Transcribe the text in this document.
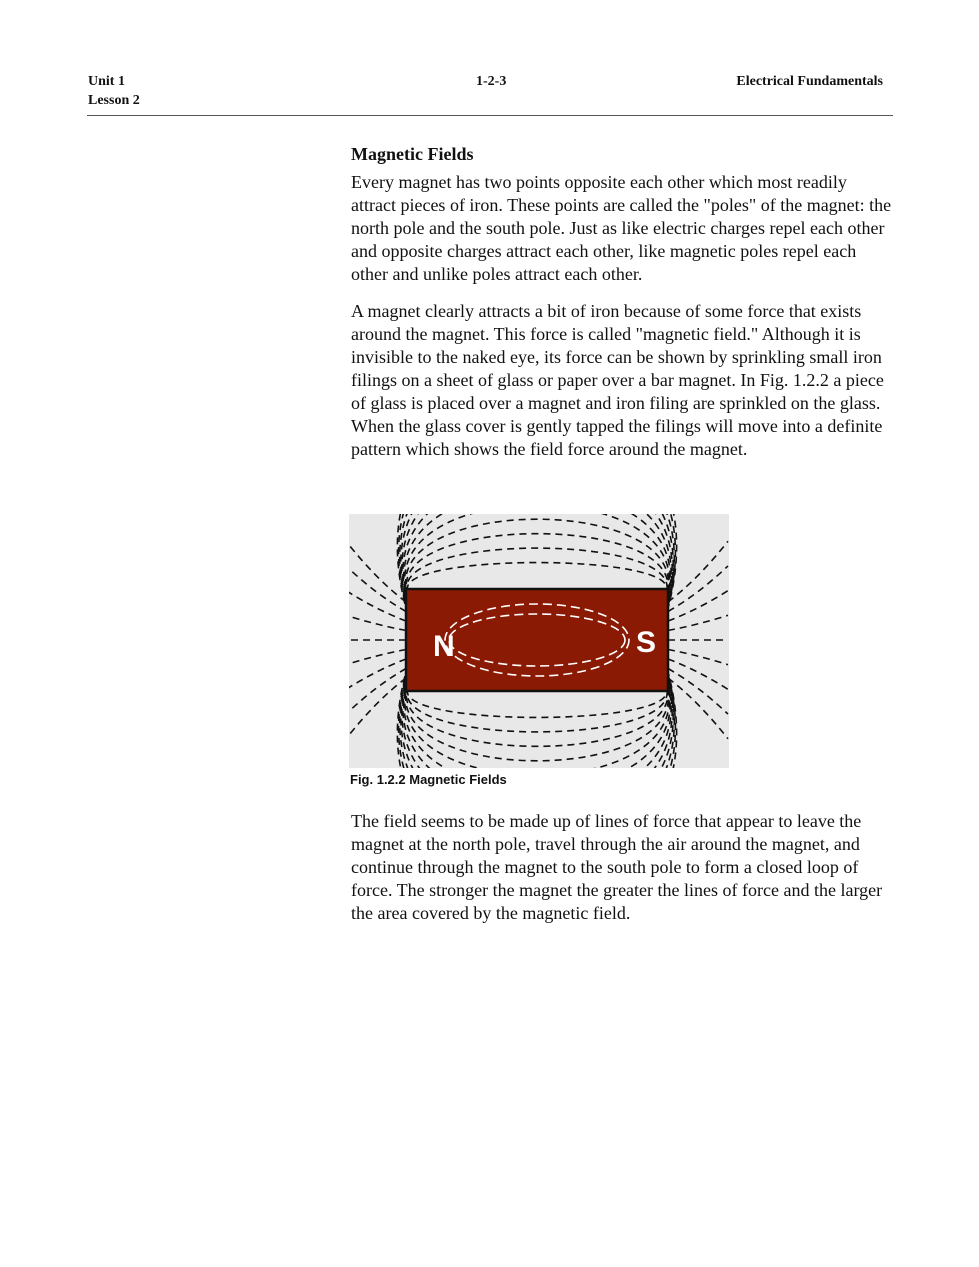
Unit 1
Lesson 2
1-2-3	Electrical Fundamentals
Magnetic Fields

Every magnet has two points opposite each other which most readily attract pieces of iron. These points are called the "poles" of the magnet: the north pole and the south pole. Just as like electric charges repel each other and opposite charges attract each other, like magnetic poles repel each other and unlike poles attract each other.

A magnet clearly attracts a bit of iron because of some force that exists around the magnet. This force is called "magnetic field." Although it is invisible to the naked eye, its force can be shown by sprinkling small iron filings on a sheet of glass or paper over a bar magnet. In Fig. 1.2.2 a piece of glass is placed over a magnet and iron filing are sprinkled on the glass. When the glass cover is gently tapped the filings will move into a definite pattern which shows the field force around the magnet.

N	S
Fig. 1.2.2 Magnetic Fields

The field seems to be made up of lines of force that appear to leave the magnet at the north pole, travel through the air around the magnet, and continue through the magnet to the south pole to form a closed loop of force. The stronger the magnet the greater the lines of force and the larger the area covered by the magnetic field.
